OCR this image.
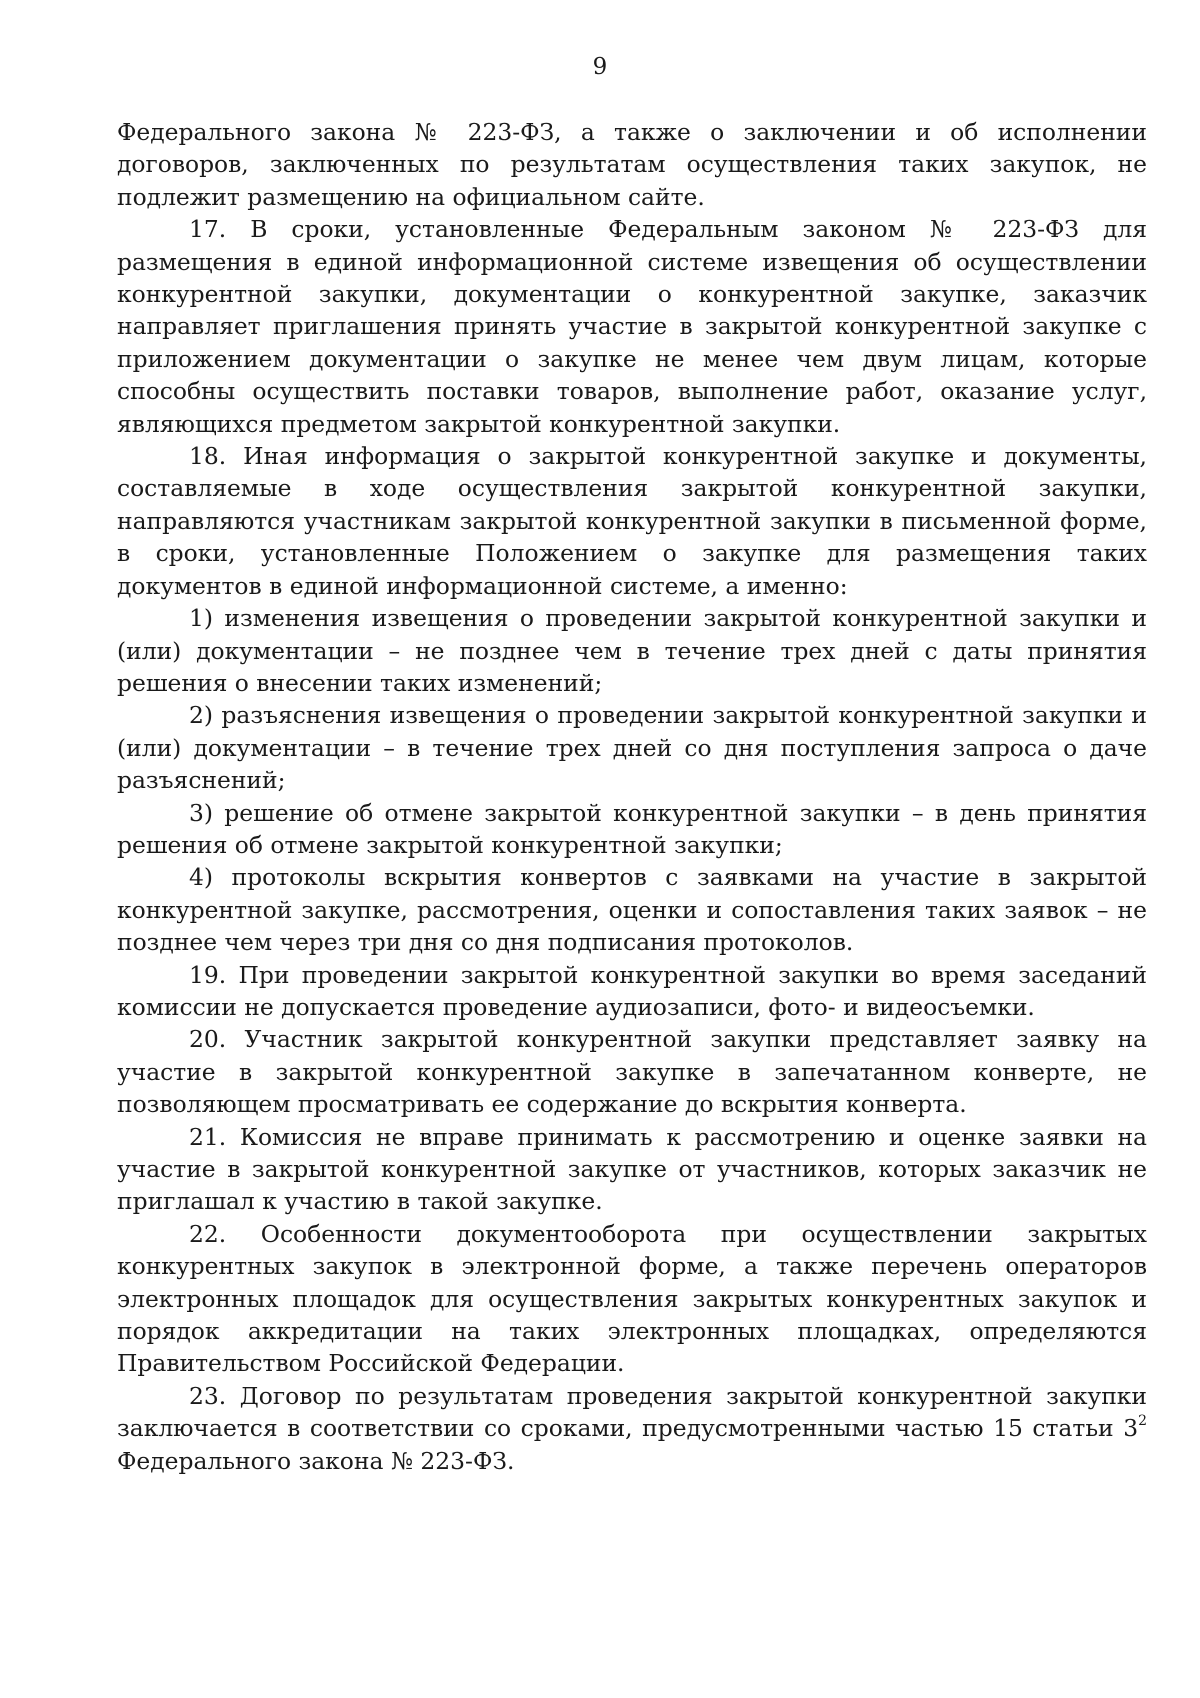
9

Федерального закона № 223-ФЗ, а также о заключении и об исполнении договоров, заключенных по результатам осуществления таких закупок, не подлежит размещению на официальном сайте.

17. В сроки, установленные Федеральным законом № 223-ФЗ для размещения в единой информационной системе извещения об осуществлении конкурентной закупки, документации о конкурентной закупке, заказчик направляет приглашения принять участие в закрытой конкурентной закупке с приложением документации о закупке не менее чем двум лицам, которые способны осуществить поставки товаров, выполнение работ, оказание услуг, являющихся предметом закрытой конкурентной закупки.

18. Иная информация о закрытой конкурентной закупке и документы, составляемые в ходе осуществления закрытой конкурентной закупки, направляются участникам закрытой конкурентной закупки в письменной форме, в сроки, установленные Положением о закупке для размещения таких документов в единой информационной системе, а именно:

1) изменения извещения о проведении закрытой конкурентной закупки и (или) документации – не позднее чем в течение трех дней с даты принятия решения о внесении таких изменений;

2) разъяснения извещения о проведении закрытой конкурентной закупки и (или) документации – в течение трех дней со дня поступления запроса о даче разъяснений;

3) решение об отмене закрытой конкурентной закупки – в день принятия решения об отмене закрытой конкурентной закупки;

4) протоколы вскрытия конвертов с заявками на участие в закрытой конкурентной закупке, рассмотрения, оценки и сопоставления таких заявок – не позднее чем через три дня со дня подписания протоколов.

19. При проведении закрытой конкурентной закупки во время заседаний комиссии не допускается проведение аудиозаписи, фото- и видеосъемки.

20. Участник закрытой конкурентной закупки представляет заявку на участие в закрытой конкурентной закупке в запечатанном конверте, не позволяющем просматривать ее содержание до вскрытия конверта.

21. Комиссия не вправе принимать к рассмотрению и оценке заявки на участие в закрытой конкурентной закупке от участников, которых заказчик не приглашал к участию в такой закупке.

22. Особенности документооборота при осуществлении закрытых конкурентных закупок в электронной форме, а также перечень операторов электронных площадок для осуществления закрытых конкурентных закупок и порядок аккредитации на таких электронных площадках, определяются Правительством Российской Федерации.

23. Договор по результатам проведения закрытой конкурентной закупки заключается в соответствии со сроками, предусмотренными частью 15 статьи $3^2$ Федерального закона № 223-ФЗ.
